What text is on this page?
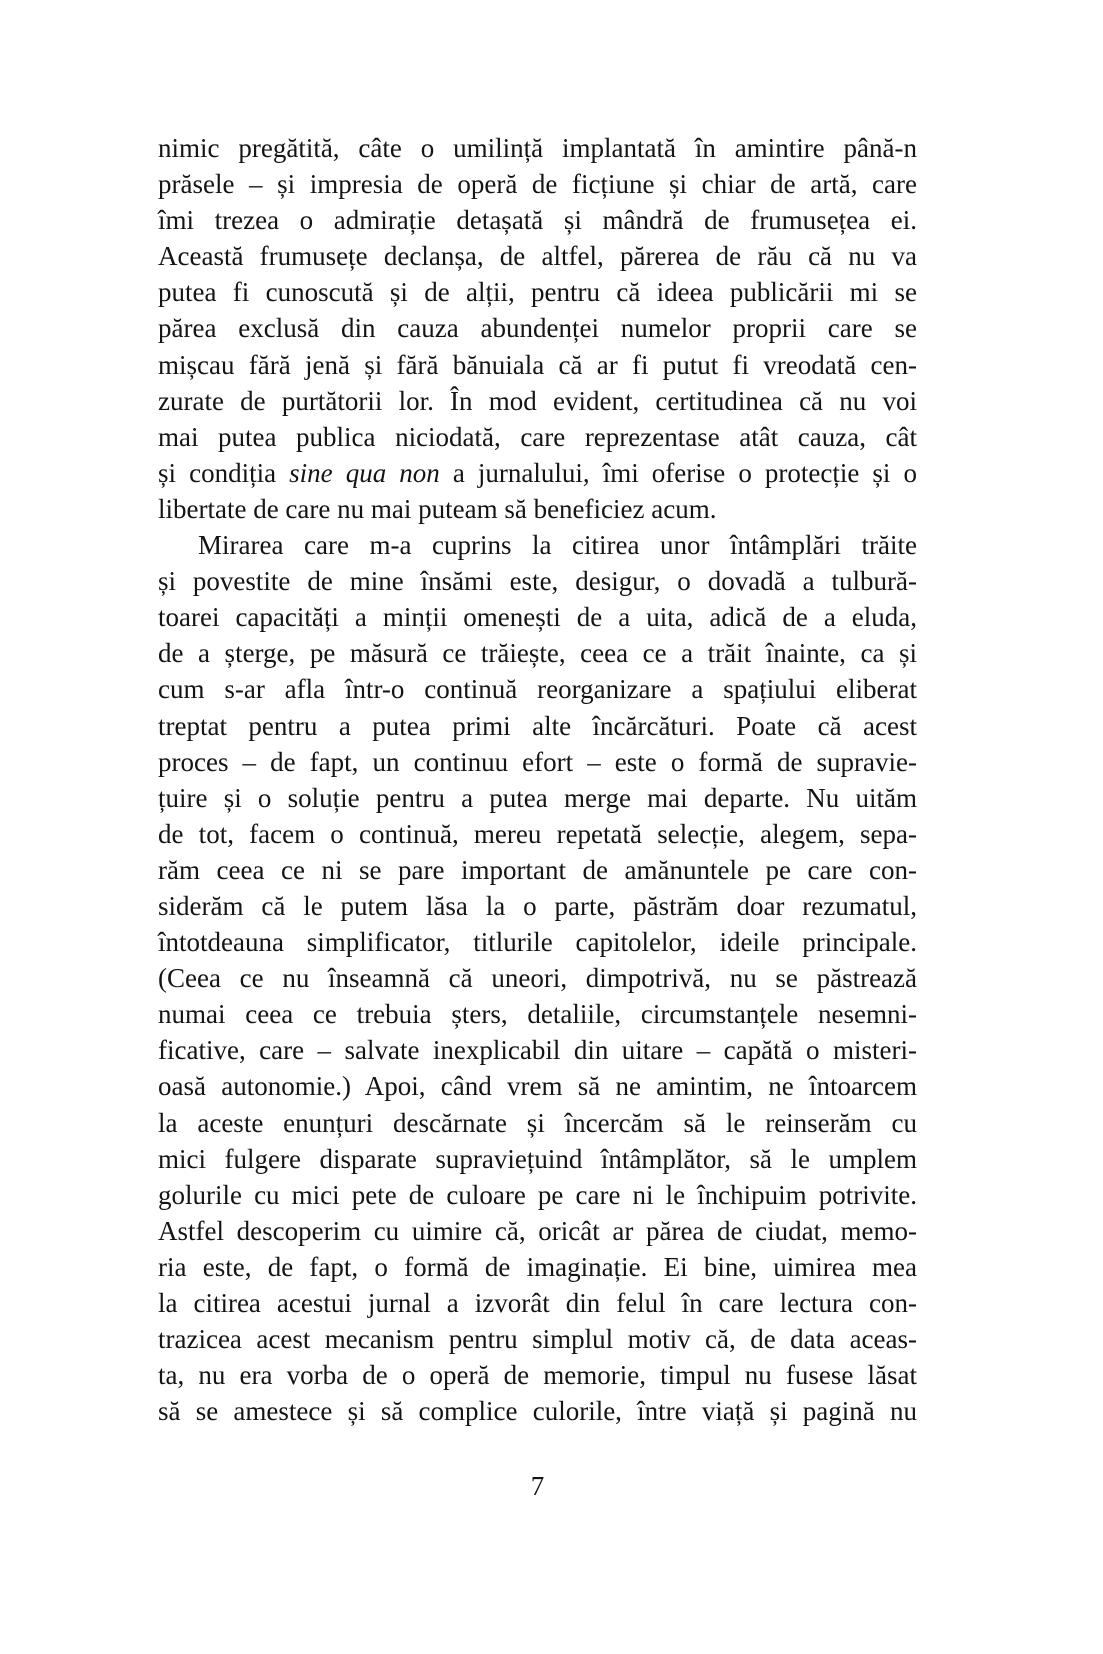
nimic pregătită, câte o umilință implantată în amintire până-n
prăsele – și impresia de operă de ficțiune și chiar de artă, care
îmi trezea o admirație detașată și mândră de frumusețea ei.
Această frumusețe declanșa, de altfel, părerea de rău că nu va
putea fi cunoscută și de alții, pentru că ideea publicării mi se
părea exclusă din cauza abundenței numelor proprii care se
mișcau fără jenă și fără bănuiala că ar fi putut fi vreodată cen-
zurate de purtătorii lor. În mod evident, certitudinea că nu voi
mai putea publica niciodată, care reprezentase atât cauza, cât
și condiția sine qua non a jurnalului, îmi oferise o protecție și o
libertate de care nu mai puteam să beneficiez acum.
Mirarea care m-a cuprins la citirea unor întâmplări trăite
și povestite de mine însămi este, desigur, o dovadă a tulbură-
toarei capacități a minții omenești de a uita, adică de a eluda,
de a șterge, pe măsură ce trăiește, ceea ce a trăit înainte, ca și
cum s-ar afla într-o continuă reorganizare a spațiului eliberat
treptat pentru a putea primi alte încărcături. Poate că acest
proces – de fapt, un continuu efort – este o formă de supravie-
țuire și o soluție pentru a putea merge mai departe. Nu uităm
de tot, facem o continuă, mereu repetată selecție, alegem, sepa-
răm ceea ce ni se pare important de amănuntele pe care con-
siderăm că le putem lăsa la o parte, păstrăm doar rezumatul,
întotdeauna simplificator, titlurile capitolelor, ideile principale.
(Ceea ce nu înseamnă că uneori, dimpotrivă, nu se păstrează
numai ceea ce trebuia șters, detaliile, circumstanțele nesemni-
ficative, care – salvate inexplicabil din uitare – capătă o misteri-
oasă autonomie.) Apoi, când vrem să ne amintim, ne întoarcem
la aceste enunțuri descărnate și încercăm să le reinserăm cu
mici fulgere disparate supraviețuind întâmplător, să le umplem
golurile cu mici pete de culoare pe care ni le închipuim potrivite.
Astfel descoperim cu uimire că, oricât ar părea de ciudat, memo-
ria este, de fapt, o formă de imaginație. Ei bine, uimirea mea
la citirea acestui jurnal a izvorât din felul în care lectura con-
trazicea acest mecanism pentru simplul motiv că, de data aceas-
ta, nu era vorba de o operă de memorie, timpul nu fusese lăsat
să se amestece și să complice culorile, între viață și pagină nu
7
